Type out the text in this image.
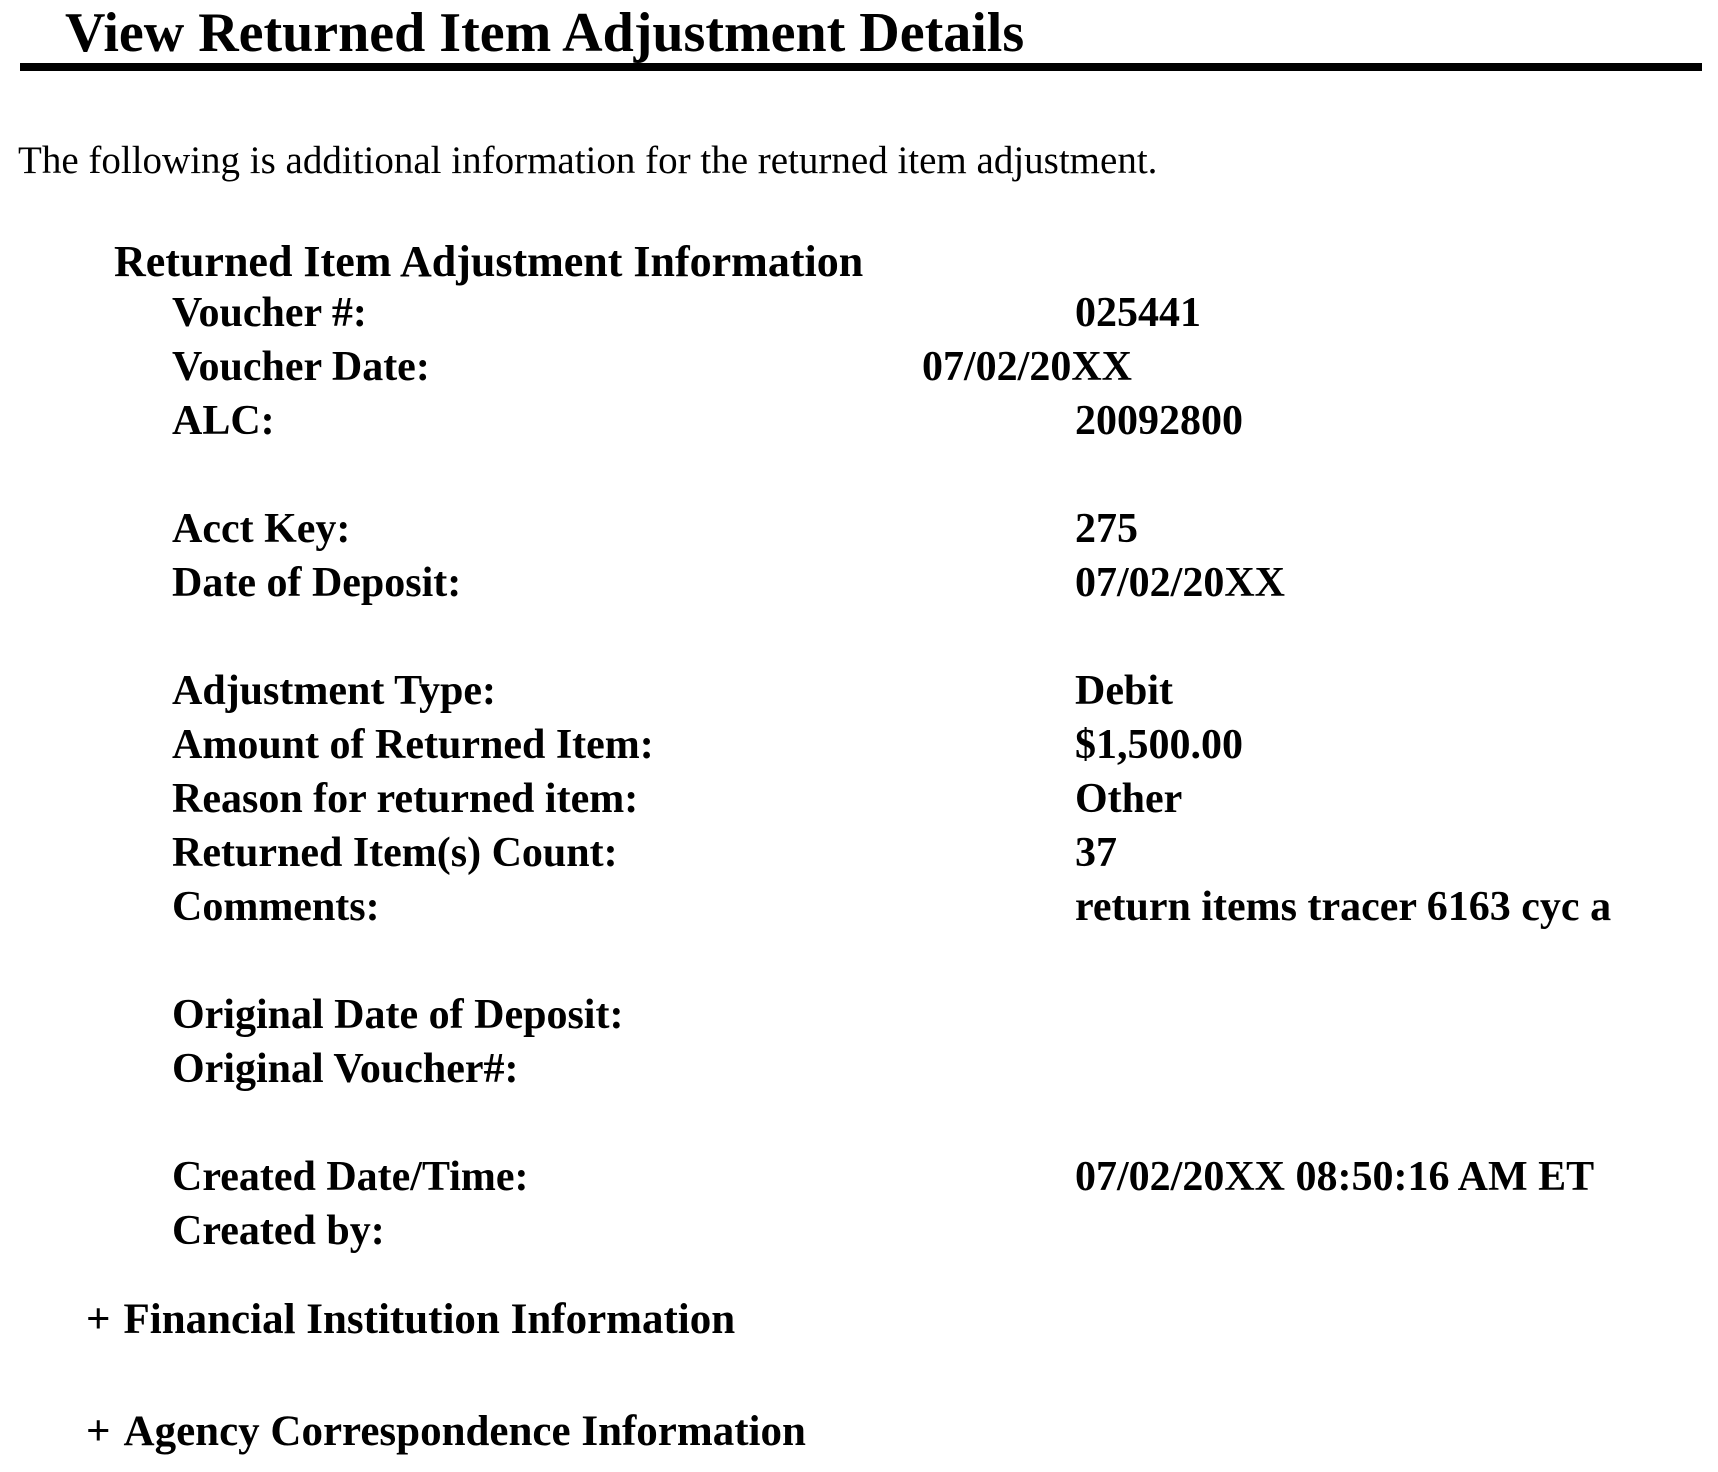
View Returned Item Adjustment Details

The following is additional information for the returned item adjustment.

Returned Item Adjustment Information
Voucher #:	025441
Voucher Date:	07/02/20XX
ALC:	20092800
Acct Key:	275
Date of Deposit:	07/02/20XX
Adjustment Type:	Debit
Amount of Returned Item:	$1,500.00
Reason for returned item:	Other
Returned Item(s) Count:	37
Comments:	return items tracer 6163 cyc a
Original Date of Deposit:
Original Voucher#:
Created Date/Time:	07/02/20XX 08:50:16 AM ET
Created by:
+ Financial Institution Information
+ Agency Correspondence Information
